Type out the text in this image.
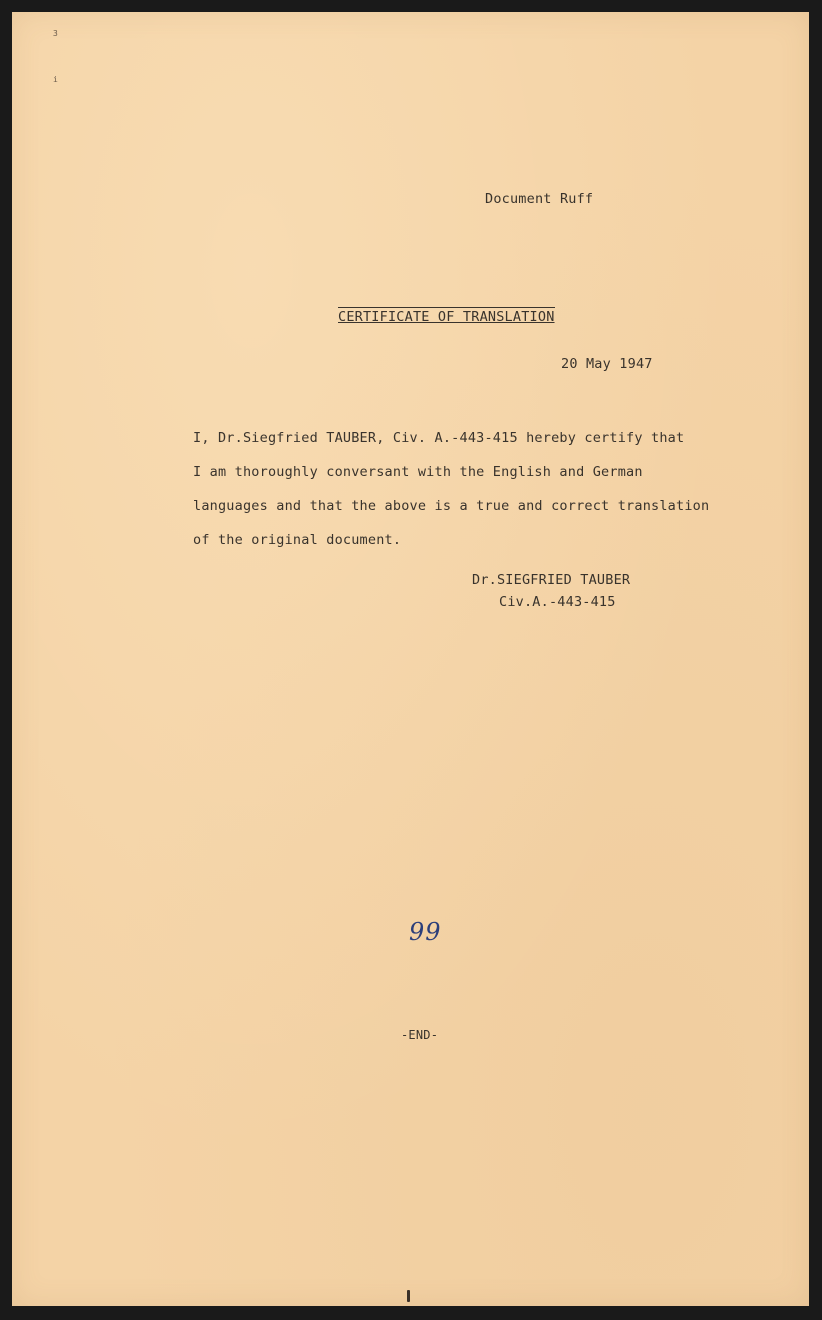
3
i
Document Ruff
CERTIFICATE OF TRANSLATION
20 May 1947
I, Dr.Siegfried TAUBER, Civ. A.-443-415 hereby certify that
I am thoroughly conversant with the English and German
languages and that the above is a true and correct translation
of the original document.
Dr.SIEGFRIED TAUBER
Civ.A.-443-415
99
-END-
